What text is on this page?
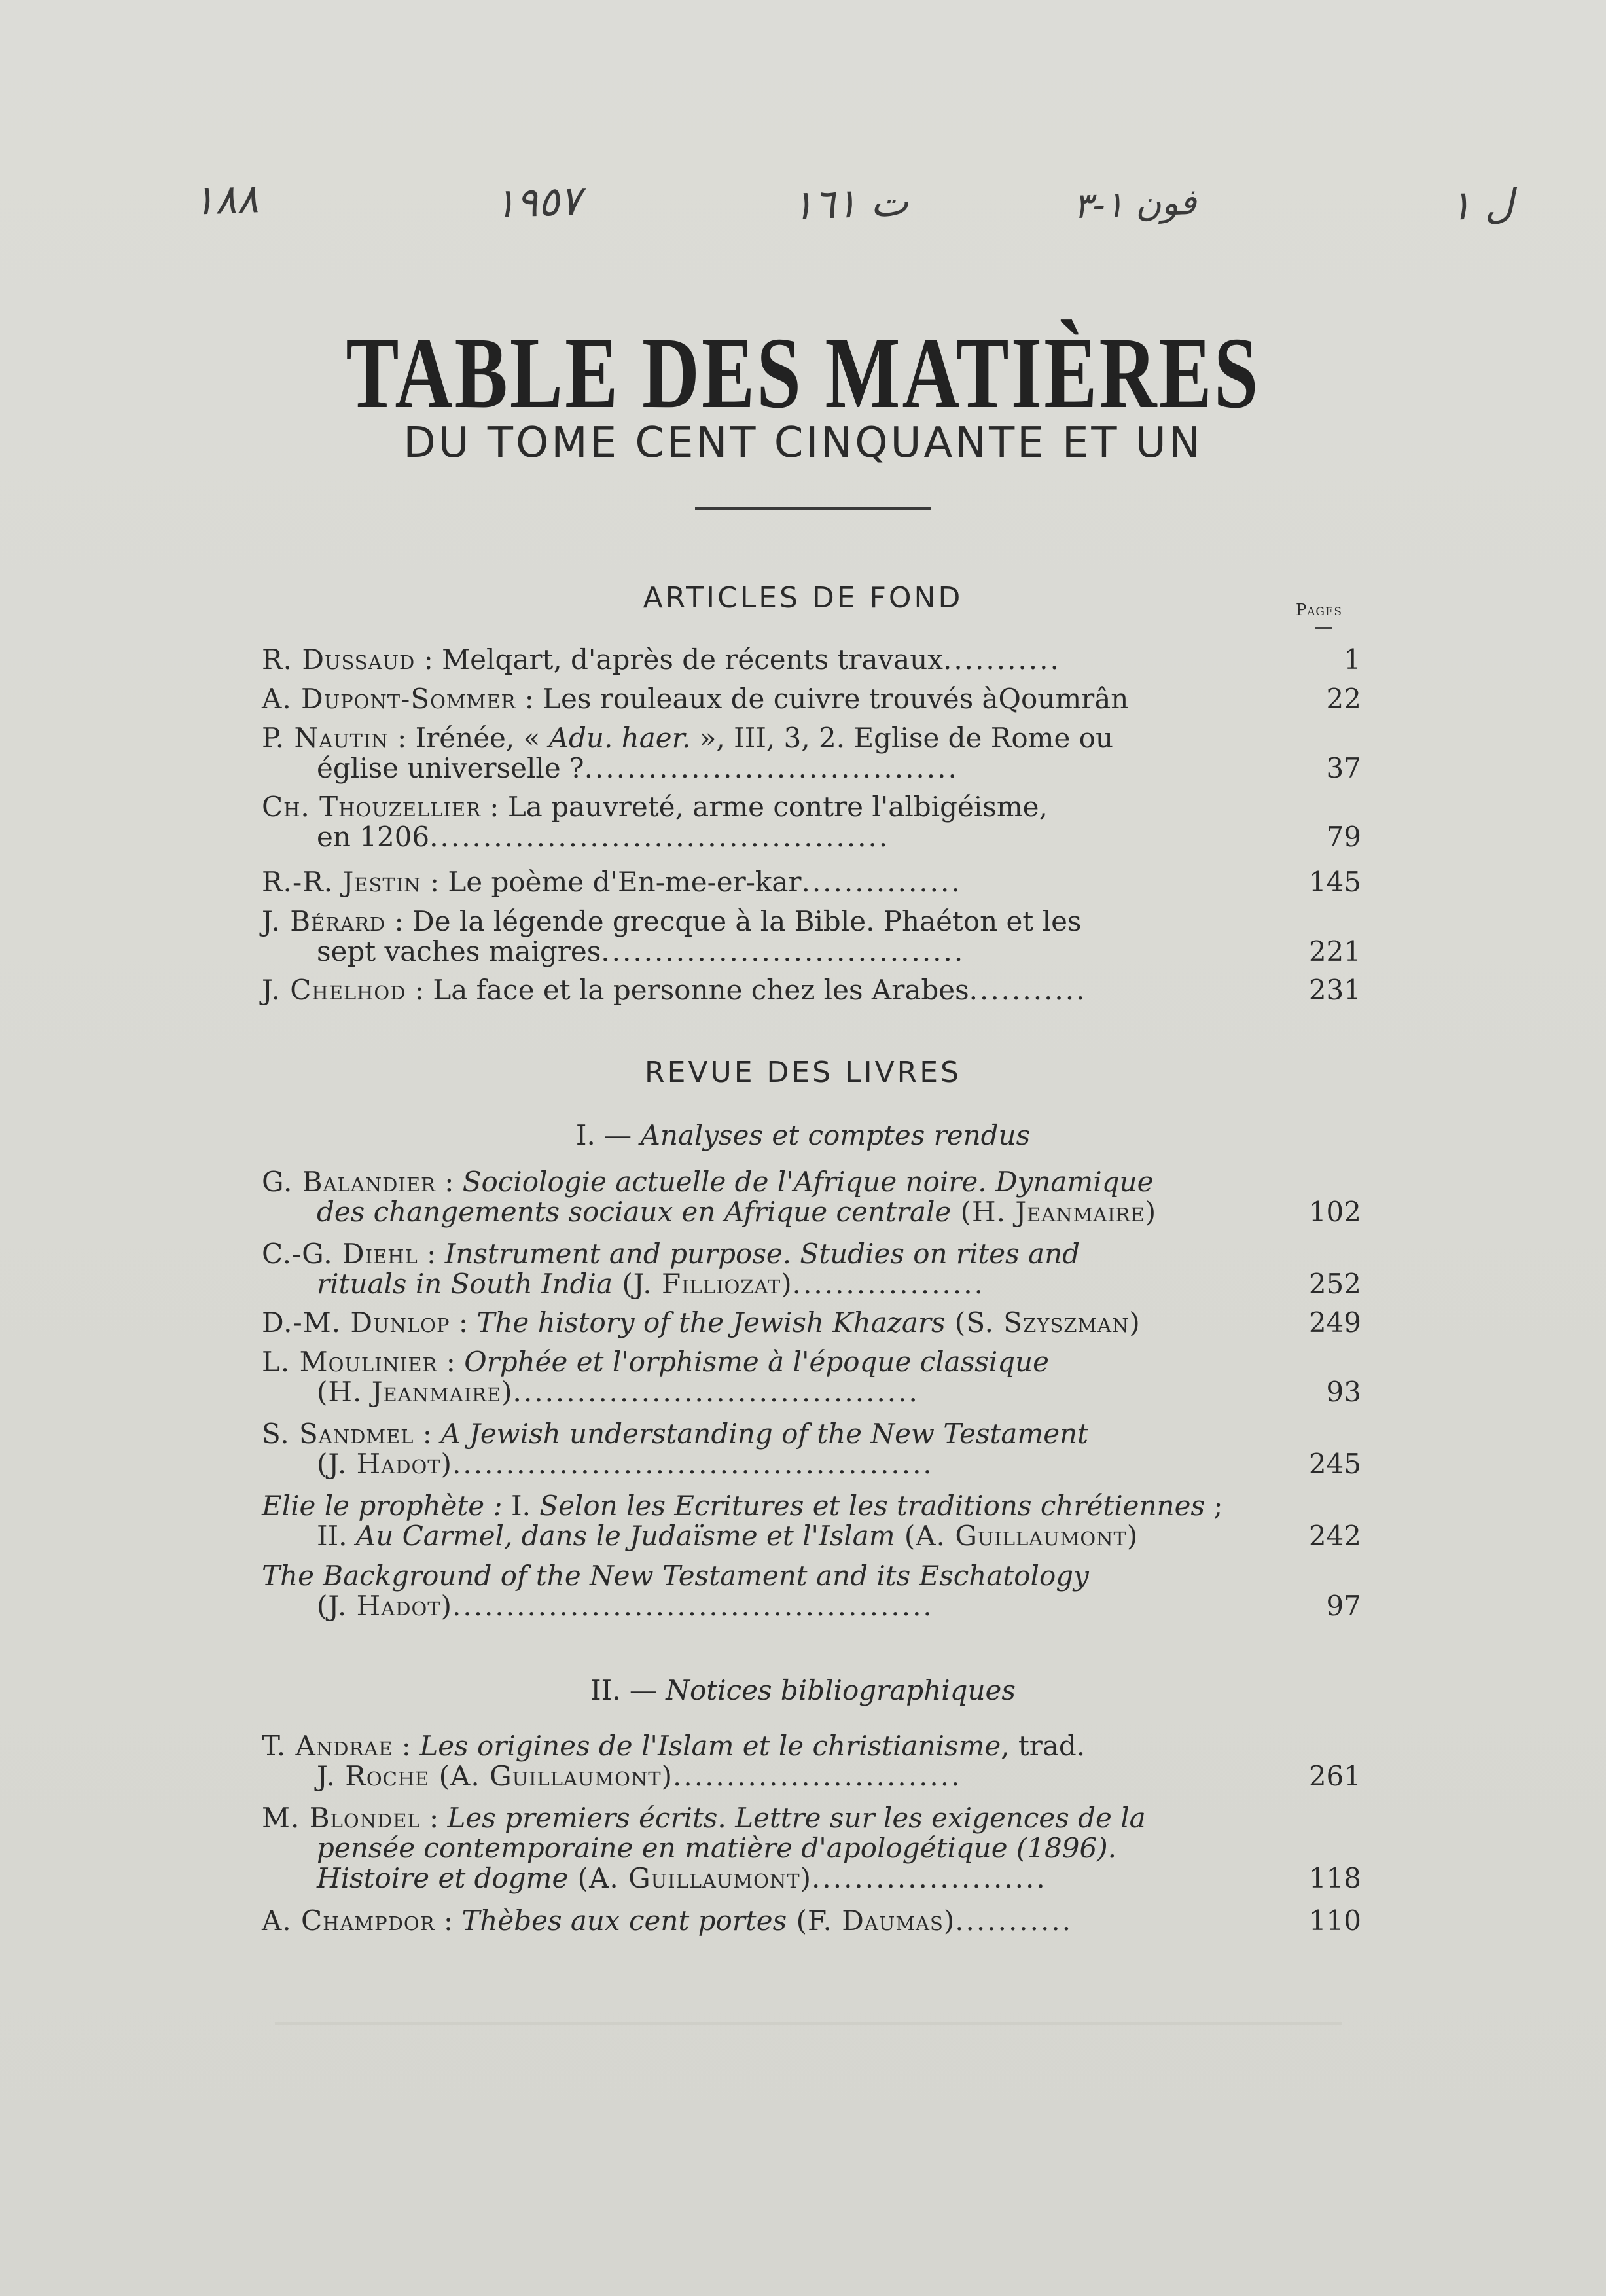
١٨٨	١٩٥٧	ت ١٦١	فون ١-٣	ل ١
TABLE DES MATIÈRES
DU TOME CENT CINQUANTE ET UN
ARTICLES DE FOND	Pages
R. Dussaud : Melqart, d'après de récents travaux...........	1
A. Dupont-Sommer : Les rouleaux de cuivre trouvés àQoumrân	22
P. Nautin : Irénée, « Adu. haer. », III, 3, 2. Eglise de Rome ou
église universelle ?...................................	37
Ch. Thouzellier : La pauvreté, arme contre l'albigéisme,
en 1206...........................................	79
R.-R. Jestin : Le poème d'En-me-er-kar...............	145
J. Bérard : De la légende grecque à la Bible. Phaéton et les
sept vaches maigres..................................	221
J. Chelhod : La face et la personne chez les Arabes...........	231
REVUE DES LIVRES
I. — Analyses et comptes rendus
G. Balandier : Sociologie actuelle de l'Afrique noire. Dynamique
des changements sociaux en Afrique centrale (H. Jeanmaire)	102
C.-G. Diehl : Instrument and purpose. Studies on rites and
rituals in South India (J. Filliozat)..................	252
D.-M. Dunlop : The history of the Jewish Khazars (S. Szyszman)	249
L. Moulinier : Orphée et l'orphisme à l'époque classique
(H. Jeanmaire)......................................	93
S. Sandmel : A Jewish understanding of the New Testament
(J. Hadot).............................................	245
Elie le prophète : I. Selon les Ecritures et les traditions chrétiennes ;
II. Au Carmel, dans le Judaïsme et l'Islam (A. Guillaumont)	242
The Background of the New Testament and its Eschatology
(J. Hadot).............................................	97
II. — Notices bibliographiques
T. Andrae : Les origines de l'Islam et le christianisme, trad.
J. Roche (A. Guillaumont)...........................	261
M. Blondel : Les premiers écrits. Lettre sur les exigences de la
pensée contemporaine en matière d'apologétique (1896).
Histoire et dogme (A. Guillaumont)......................	118
A. Champdor : Thèbes aux cent portes (F. Daumas)...........	110
